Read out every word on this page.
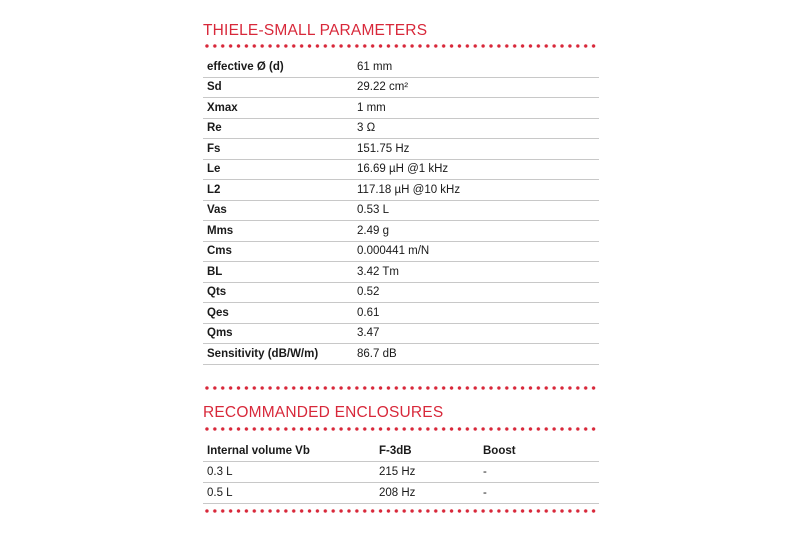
THIELE-SMALL PARAMETERS
effective Ø (d)	61 mm
Sd	29.22 cm²
Xmax	1 mm
Re	3 Ω
Fs	151.75 Hz
Le	16.69 µH @1 kHz
L2	117.18 µH @10 kHz
Vas	0.53 L
Mms	2.49 g
Cms	0.000441 m/N
BL	3.42 Tm
Qts	0.52
Qes	0.61
Qms	3.47
Sensitivity (dB/W/m)	86.7 dB
RECOMMANDED ENCLOSURES
Internal volume Vb	F-3dB	Boost
0.3 L	215 Hz	-
0.5 L	208 Hz	-
